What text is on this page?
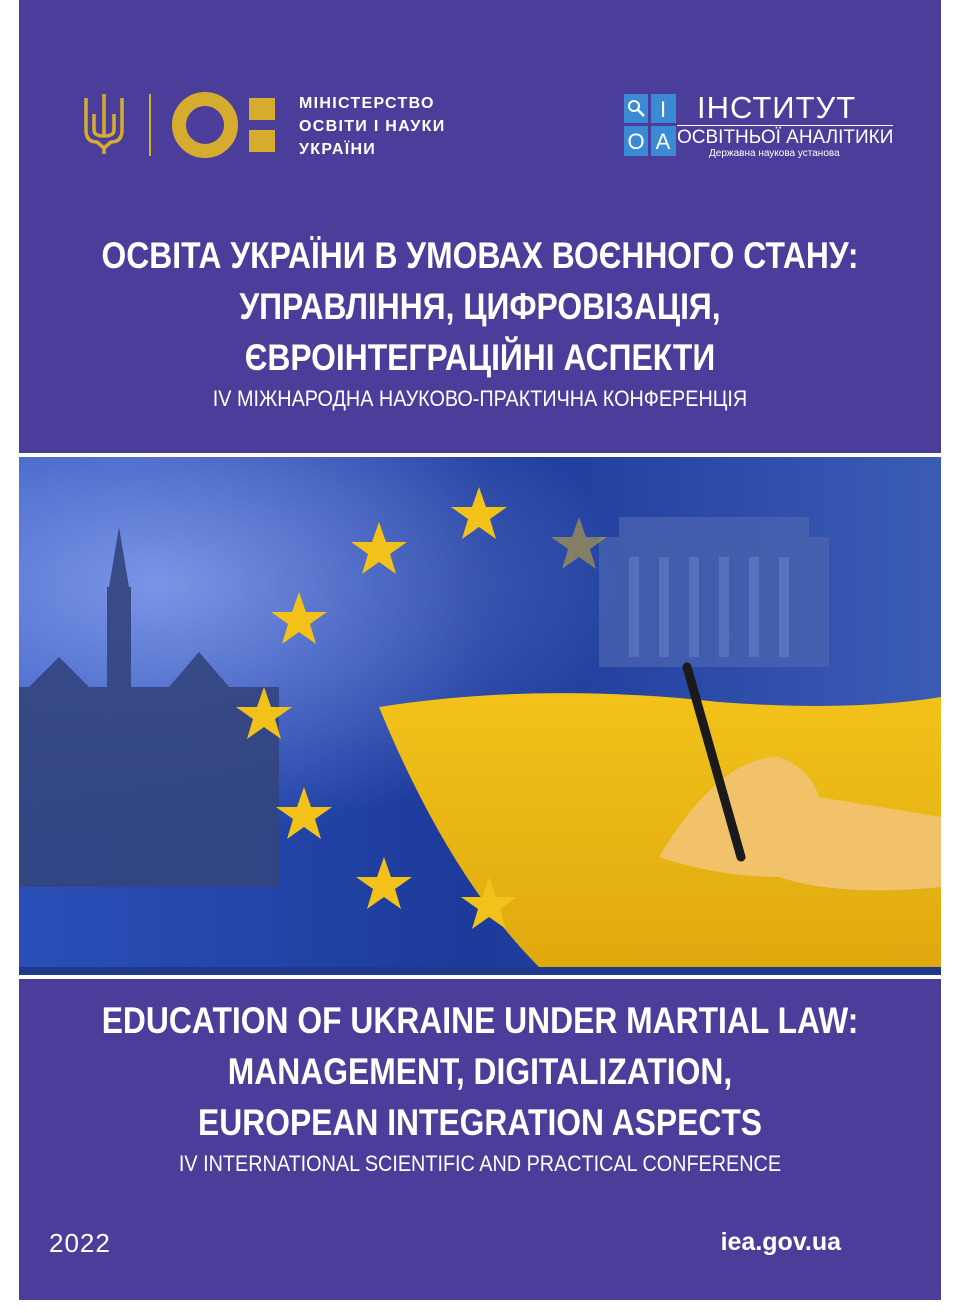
МІНІСТЕРСТВО
ОСВІТИ І НАУКИ
УКРАЇНИ
І
О А
ІНСТИТУТ
ОСВІТНЬОЇ АНАЛІТИКИ
Державна наукова установа
ОСВІТА УКРАЇНИ В УМОВАХ ВОЄННОГО СТАНУ:
УПРАВЛІННЯ, ЦИФРОВІЗАЦІЯ,
ЄВРОІНТЕГРАЦІЙНІ АСПЕКТИ
IV МІЖНАРОДНА НАУКОВО-ПРАКТИЧНА КОНФЕРЕНЦІЯ
EDUCATION OF UKRAINE UNDER MARTIAL LAW:
MANAGEMENT, DIGITALIZATION,
EUROPEAN INTEGRATION ASPECTS
IV INTERNATIONAL SCIENTIFIC AND PRACTICAL CONFERENCE
2022	iea.gov.ua
